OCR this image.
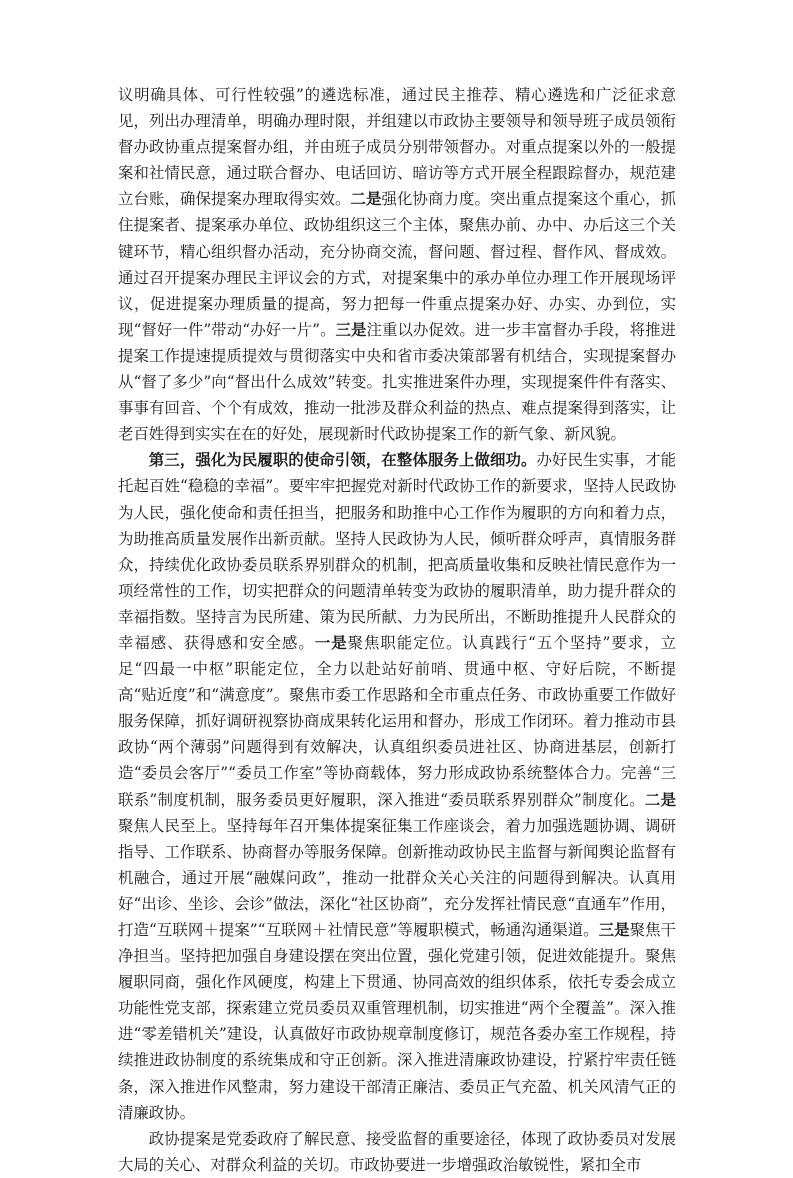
议明确具体、可行性较强”的遴选标准，通过民主推荐、精心遴选和广泛征求意见，列出办理清单，明确办理时限，并组建以市政协主要领导和领导班子成员领衔督办政协重点提案督办组，并由班子成员分别带领督办。对重点提案以外的一般提案和社情民意，通过联合督办、电话回访、暗访等方式开展全程跟踪督办，规范建立台账，确保提案办理取得实效。二是强化协商力度。突出重点提案这个重心，抓住提案者、提案承办单位、政协组织这三个主体，聚焦办前、办中、办后这三个关键环节，精心组织督办活动，充分协商交流，督问题、督过程、督作风、督成效。通过召开提案办理民主评议会的方式，对提案集中的承办单位办理工作开展现场评议，促进提案办理质量的提高，努力把每一件重点提案办好、办实、办到位，实现“督好一件”带动“办好一片”。三是注重以办促效。进一步丰富督办手段，将推进提案工作提速提质提效与贯彻落实中央和省市委决策部署有机结合，实现提案督办从“督了多少”向“督出什么成效”转变。扎实推进案件办理，实现提案件件有落实、事事有回音、个个有成效，推动一批涉及群众利益的热点、难点提案得到落实，让老百姓得到实实在在的好处，展现新时代政协提案工作的新气象、新风貌。

第三，强化为民履职的使命引领，在整体服务上做细功。办好民生实事，才能托起百姓“稳稳的幸福”。要牢牢把握党对新时代政协工作的新要求，坚持人民政协为人民，强化使命和责任担当，把服务和助推中心工作作为履职的方向和着力点，为助推高质量发展作出新贡献。坚持人民政协为人民，倾听群众呼声，真情服务群众，持续优化政协委员联系界别群众的机制，把高质量收集和反映社情民意作为一项经常性的工作，切实把群众的问题清单转变为政协的履职清单，助力提升群众的幸福指数。坚持言为民所建、策为民所献、力为民所出，不断助推提升人民群众的幸福感、获得感和安全感。一是聚焦职能定位。认真践行“五个坚持”要求，立足“四最一中枢”职能定位，全力以赴站好前哨、贯通中枢、守好后院，不断提高“贴近度”和“满意度”。聚焦市委工作思路和全市重点任务、市政协重要工作做好服务保障，抓好调研视察协商成果转化运用和督办，形成工作闭环。着力推动市县政协“两个薄弱”问题得到有效解决，认真组织委员进社区、协商进基层，创新打造“委员会客厅”“委员工作室”等协商载体，努力形成政协系统整体合力。完善“三联系”制度机制，服务委员更好履职，深入推进“委员联系界别群众”制度化。二是聚焦人民至上。坚持每年召开集体提案征集工作座谈会，着力加强选题协调、调研指导、工作联系、协商督办等服务保障。创新推动政协民主监督与新闻舆论监督有机融合，通过开展“融媒问政”，推动一批群众关心关注的问题得到解决。认真用好“出诊、坐诊、会诊”做法，深化“社区协商”，充分发挥社情民意“直通车”作用，打造“互联网＋提案”“互联网＋社情民意”等履职模式，畅通沟通渠道。三是聚焦干净担当。坚持把加强自身建设摆在突出位置，强化党建引领，促进效能提升。聚焦履职同商，强化作风硬度，构建上下贯通、协同高效的组织体系，依托专委会成立功能性党支部，探索建立党员委员双重管理机制，切实推进“两个全覆盖”。深入推进“零差错机关”建设，认真做好市政协规章制度修订，规范各委办室工作规程，持续推进政协制度的系统集成和守正创新。深入推进清廉政协建设，拧紧拧牢责任链条，深入推进作风整肃，努力建设干部清正廉洁、委员正气充盈、机关风清气正的清廉政协。

政协提案是党委政府了解民意、接受监督的重要途径，体现了政协委员对发展大局的关心、对群众利益的关切。市政协要进一步增强政治敏锐性，紧扣全市
